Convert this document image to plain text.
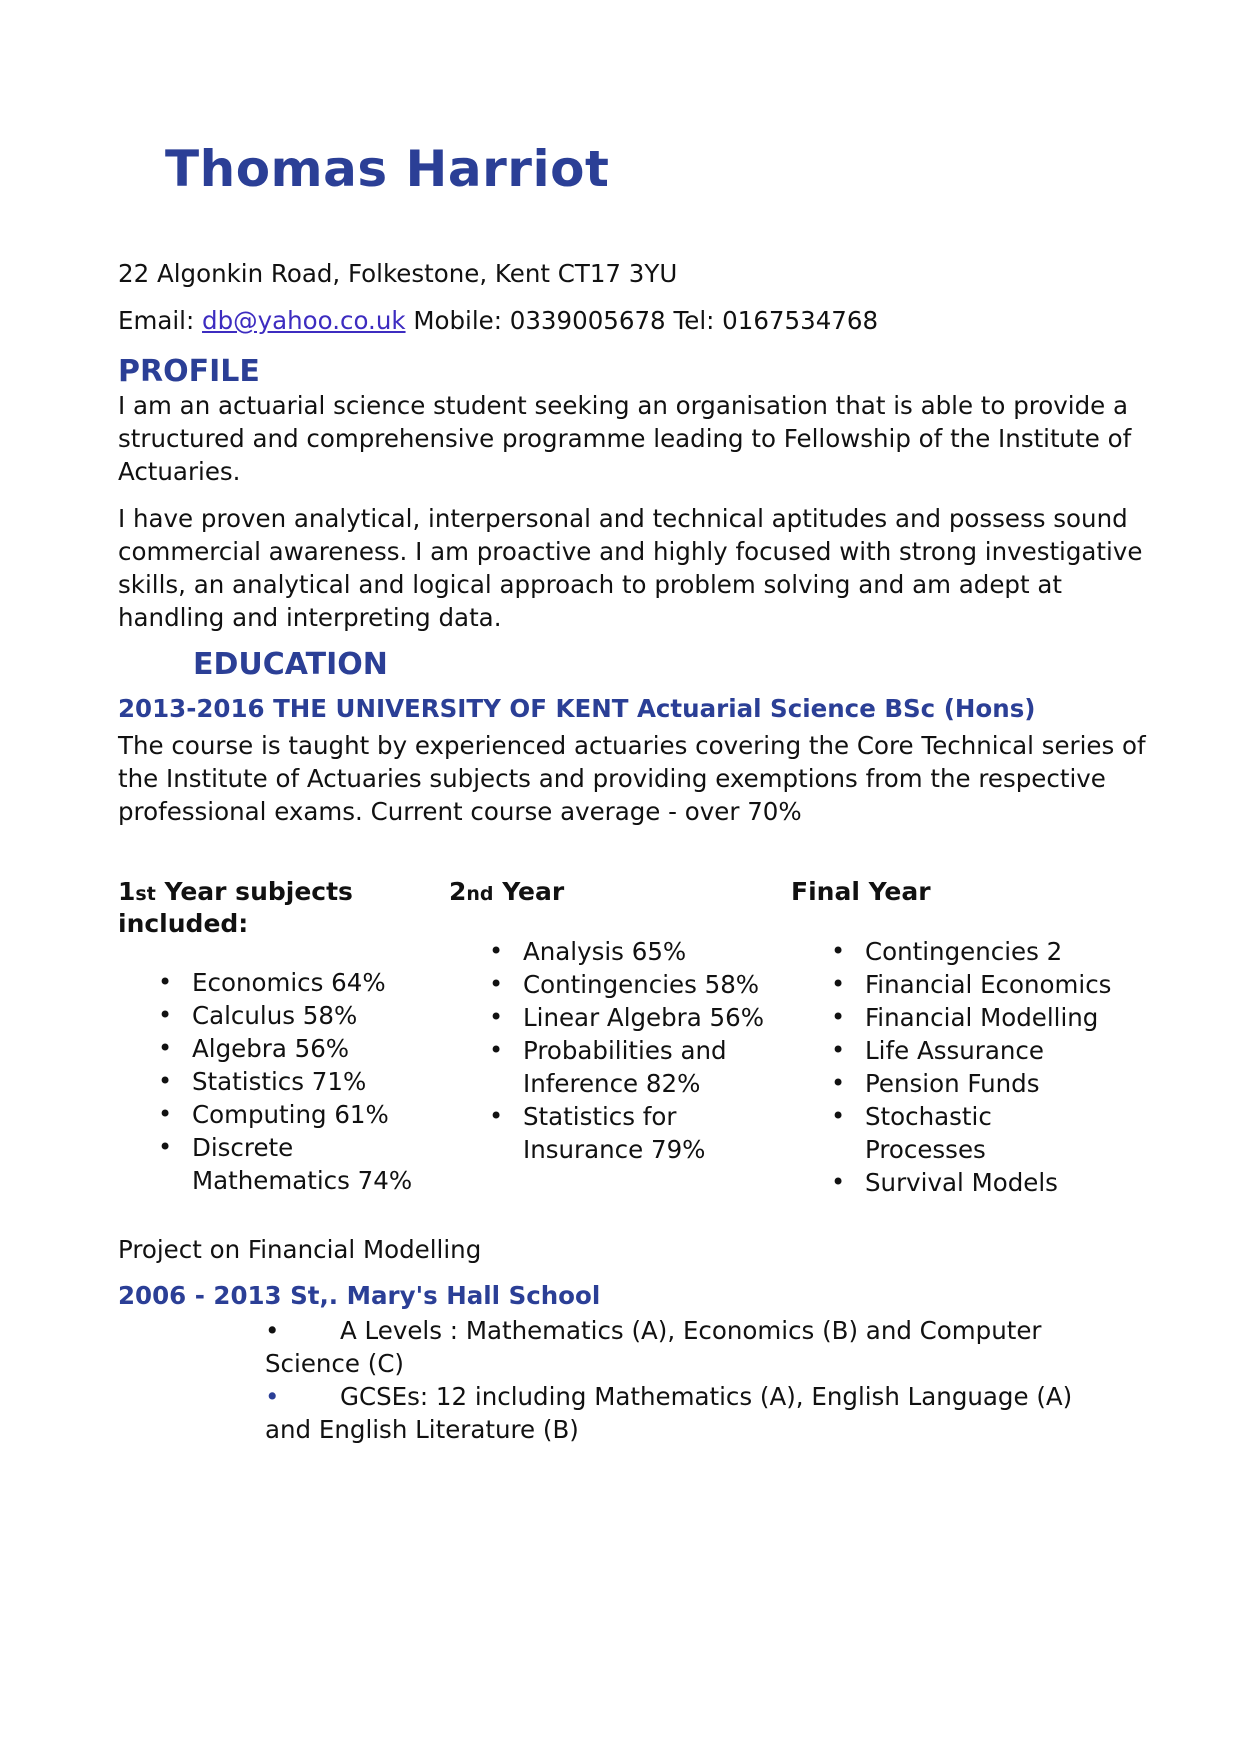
Thomas Harriot

22 Algonkin Road, Folkestone, Kent CT17 3YU

Email: db@yahoo.co.uk Mobile: 0339005678 Tel: 0167534768

PROFILE

I am an actuarial science student seeking an organisation that is able to provide a structured and comprehensive programme leading to Fellowship of the Institute of Actuaries.

I have proven analytical, interpersonal and technical aptitudes and possess sound commercial awareness. I am proactive and highly focused with strong investigative skills, an analytical and logical approach to problem solving and am adept at handling and interpreting data.

EDUCATION
2013-2016 THE UNIVERSITY OF KENT Actuarial Science BSc (Hons)

The course is taught by experienced actuaries covering the Core Technical series of the Institute of Actuaries subjects and providing exemptions from the respective professional exams. Current course average - over 70%

1st Year subjects included:
• Economics 64%
• Calculus 58%
• Algebra 56%
• Statistics 71%
• Computing 61%
• Discrete Mathematics 74%
2nd Year
• Analysis 65%
• Contingencies 58%
• Linear Algebra 56%
• Probabilities and Inference 82%
• Statistics for Insurance 79%
Final Year
• Contingencies 2
• Financial Economics
• Financial Modelling
• Life Assurance
• Pension Funds
• Stochastic Processes
• Survival Models

Project on Financial Modelling

2006 - 2013 St,. Mary's Hall School
• A Levels : Mathematics (A), Economics (B) and Computer Science (C)
• GCSEs: 12 including Mathematics (A), English Language (A) and English Literature (B)
